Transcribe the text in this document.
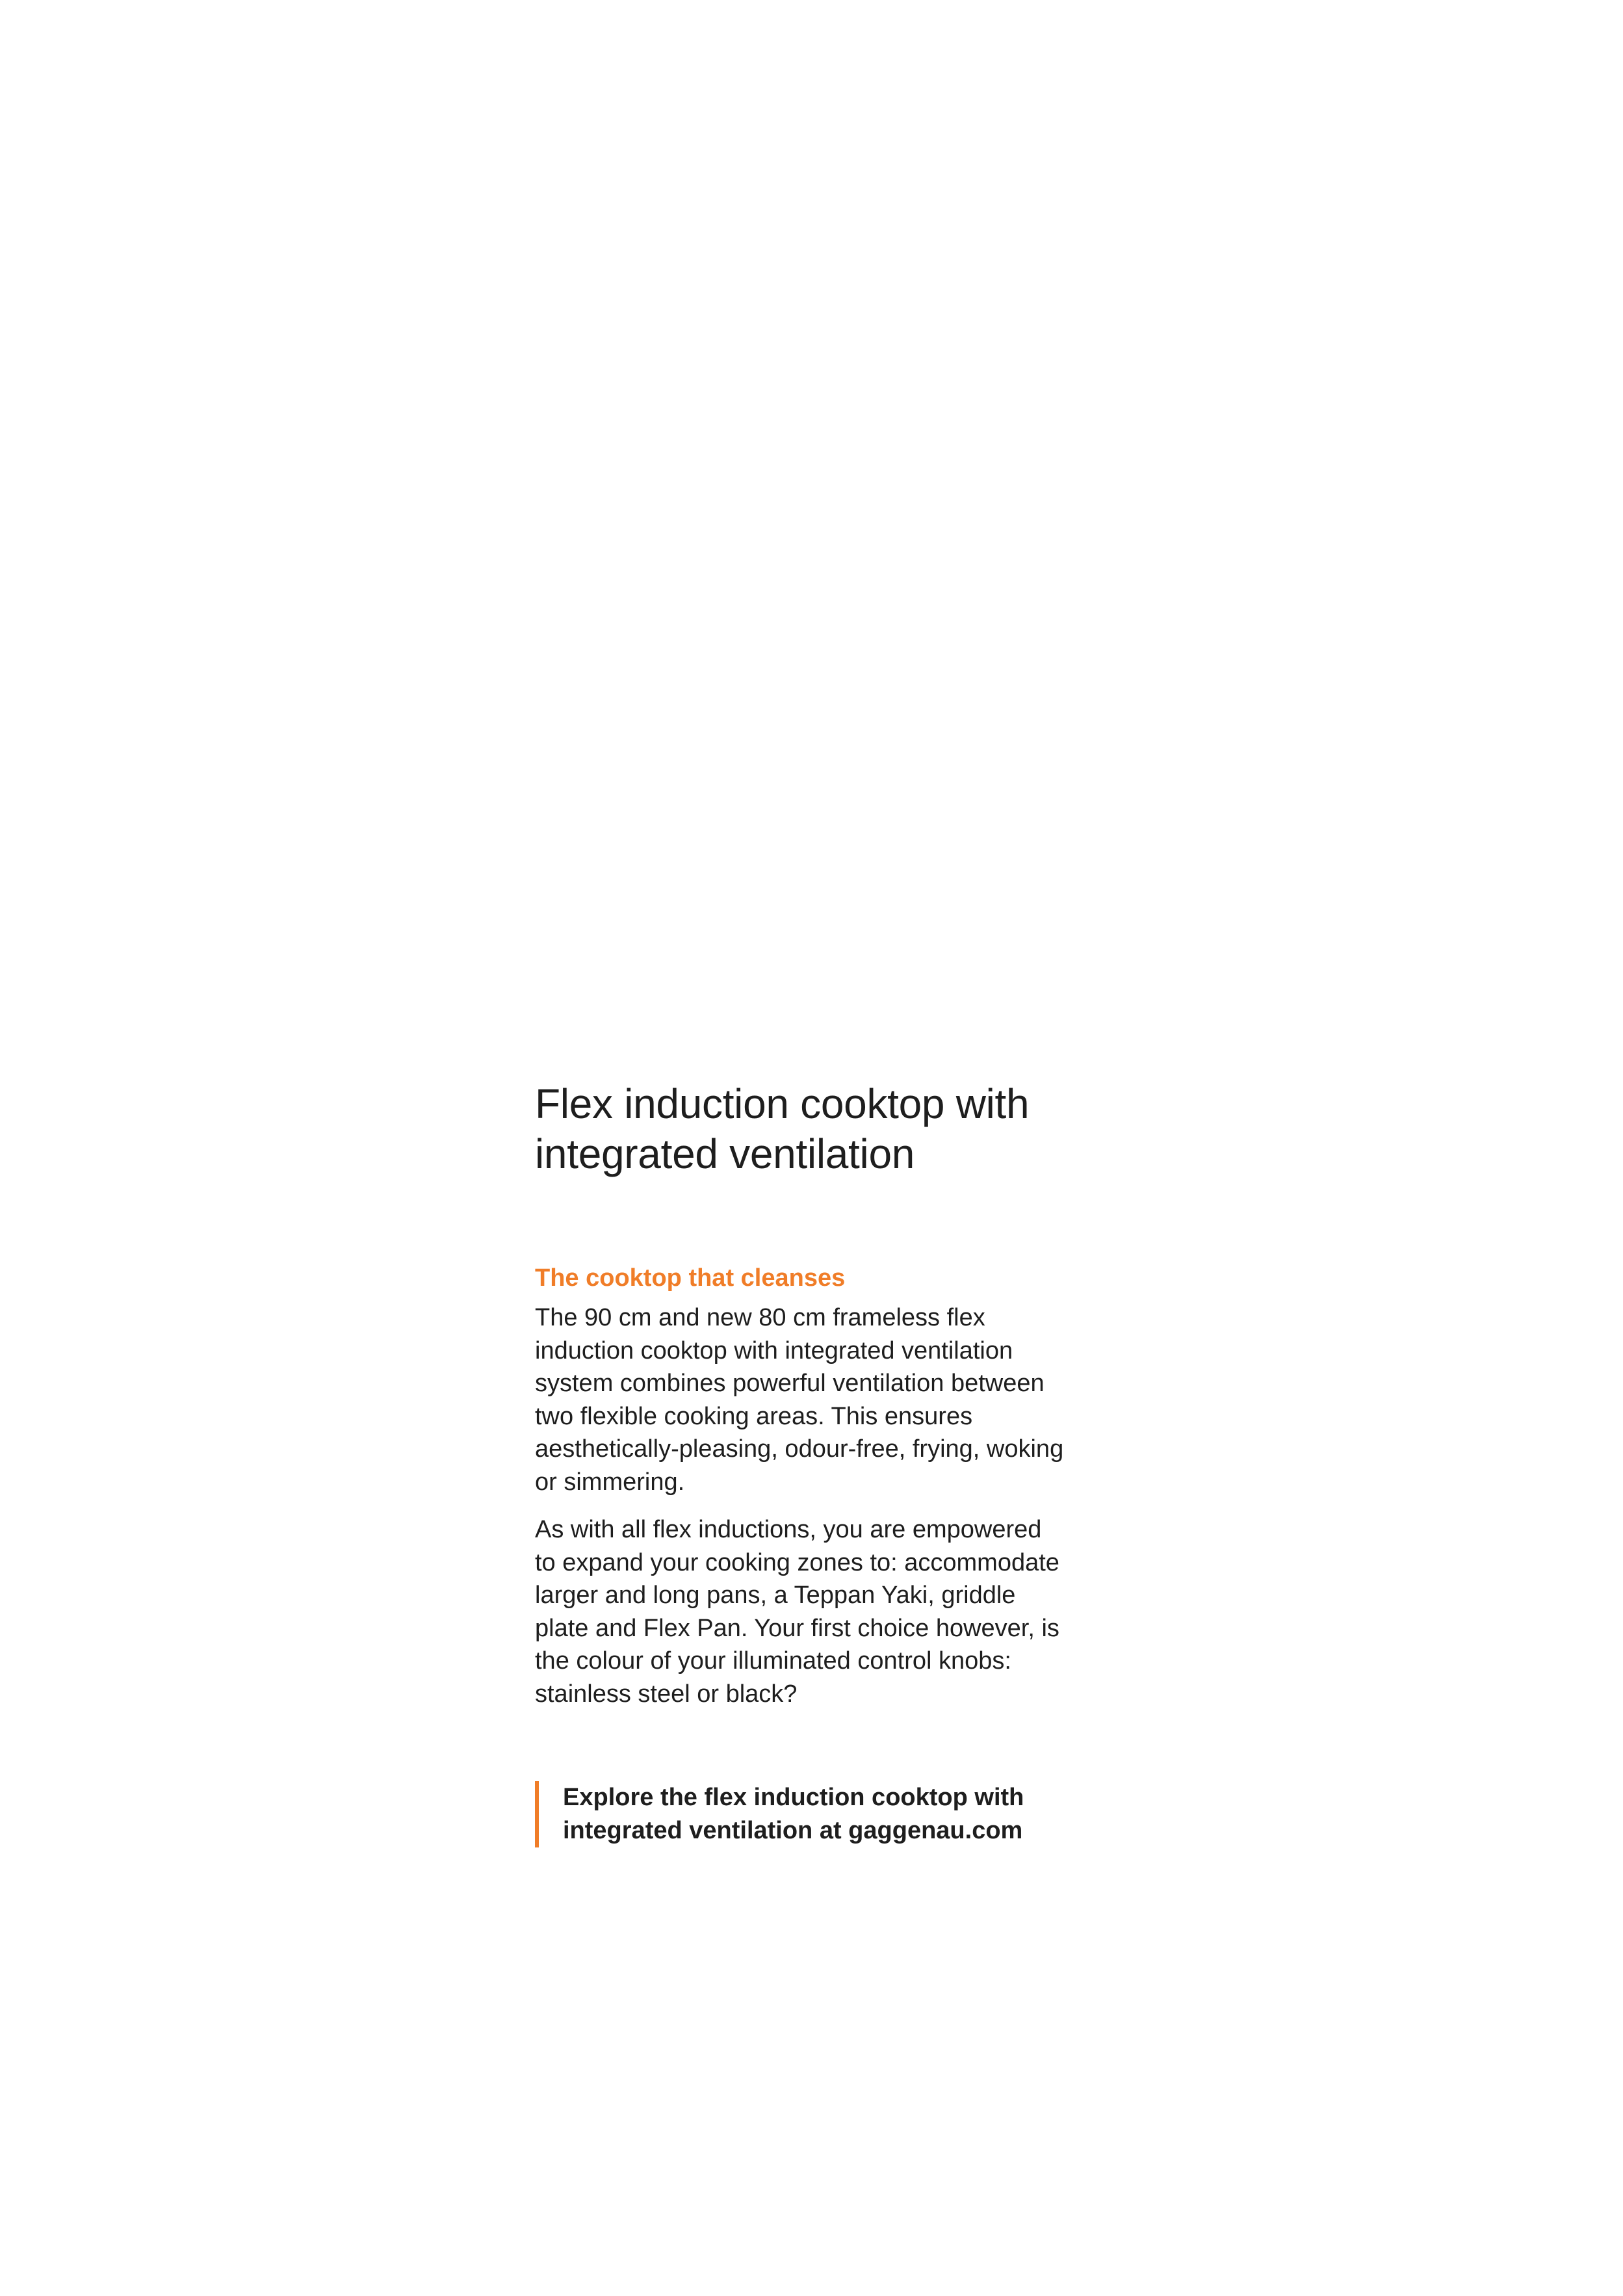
Flex induction cooktop with
integrated ventilation
The cooktop that cleanses

The 90 cm and new 80 cm frameless flex
induction cooktop with integrated ventilation
system combines powerful ventilation between
two flexible cooking areas. This ensures
aesthetically-pleasing, odour-free, frying, woking
or simmering.

As with all flex inductions, you are empowered
to expand your cooking zones to: accommodate
larger and long pans, a Teppan Yaki, griddle
plate and Flex Pan. Your first choice however, is
the colour of your illuminated control knobs:
stainless steel or black?

Explore the flex induction cooktop with
integrated ventilation at gaggenau.com
